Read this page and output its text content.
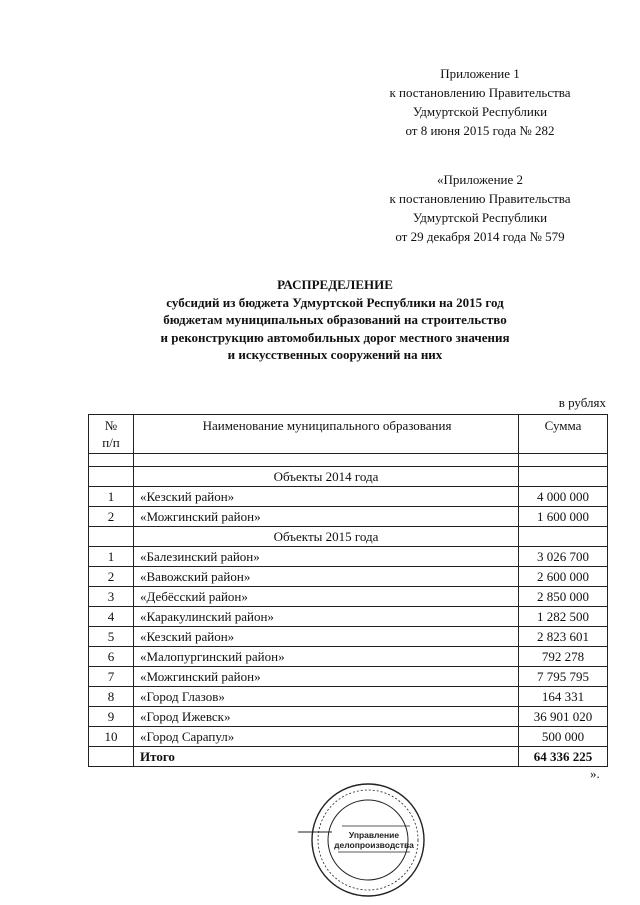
Приложение 1
к постановлению Правительства
Удмуртской Республики
от 8 июня 2015 года № 282
«Приложение 2
к постановлению Правительства
Удмуртской Республики
от 29 декабря 2014 года № 579
РАСПРЕДЕЛЕНИЕ
субсидий из бюджета Удмуртской Республики на 2015 год
бюджетам муниципальных образований на строительство
и реконструкцию автомобильных дорог местного значения
и искусственных сооружений на них
в рублях
№
п/п	Наименование муниципального образования	Сумма

	Объекты 2014 года	
1	«Кезский район»	4 000 000
2	«Можгинский район»	1 600 000
	Объекты 2015 года	
1	«Балезинский район»	3 026 700
2	«Вавожский район»	2 600 000
3	«Дебёсский район»	2 850 000
4	«Каракулинский район»	1 282 500
5	«Кезский район»	2 823 601
6	«Малопургинский район»	792 278
7	«Можгинский район»	7 795 795
8	«Город Глазов»	164 331
9	«Город Ижевск»	36 901 020
10	«Город Сарапул»	500 000
	Итого	64 336 225
».
Управление
делопроизводства
